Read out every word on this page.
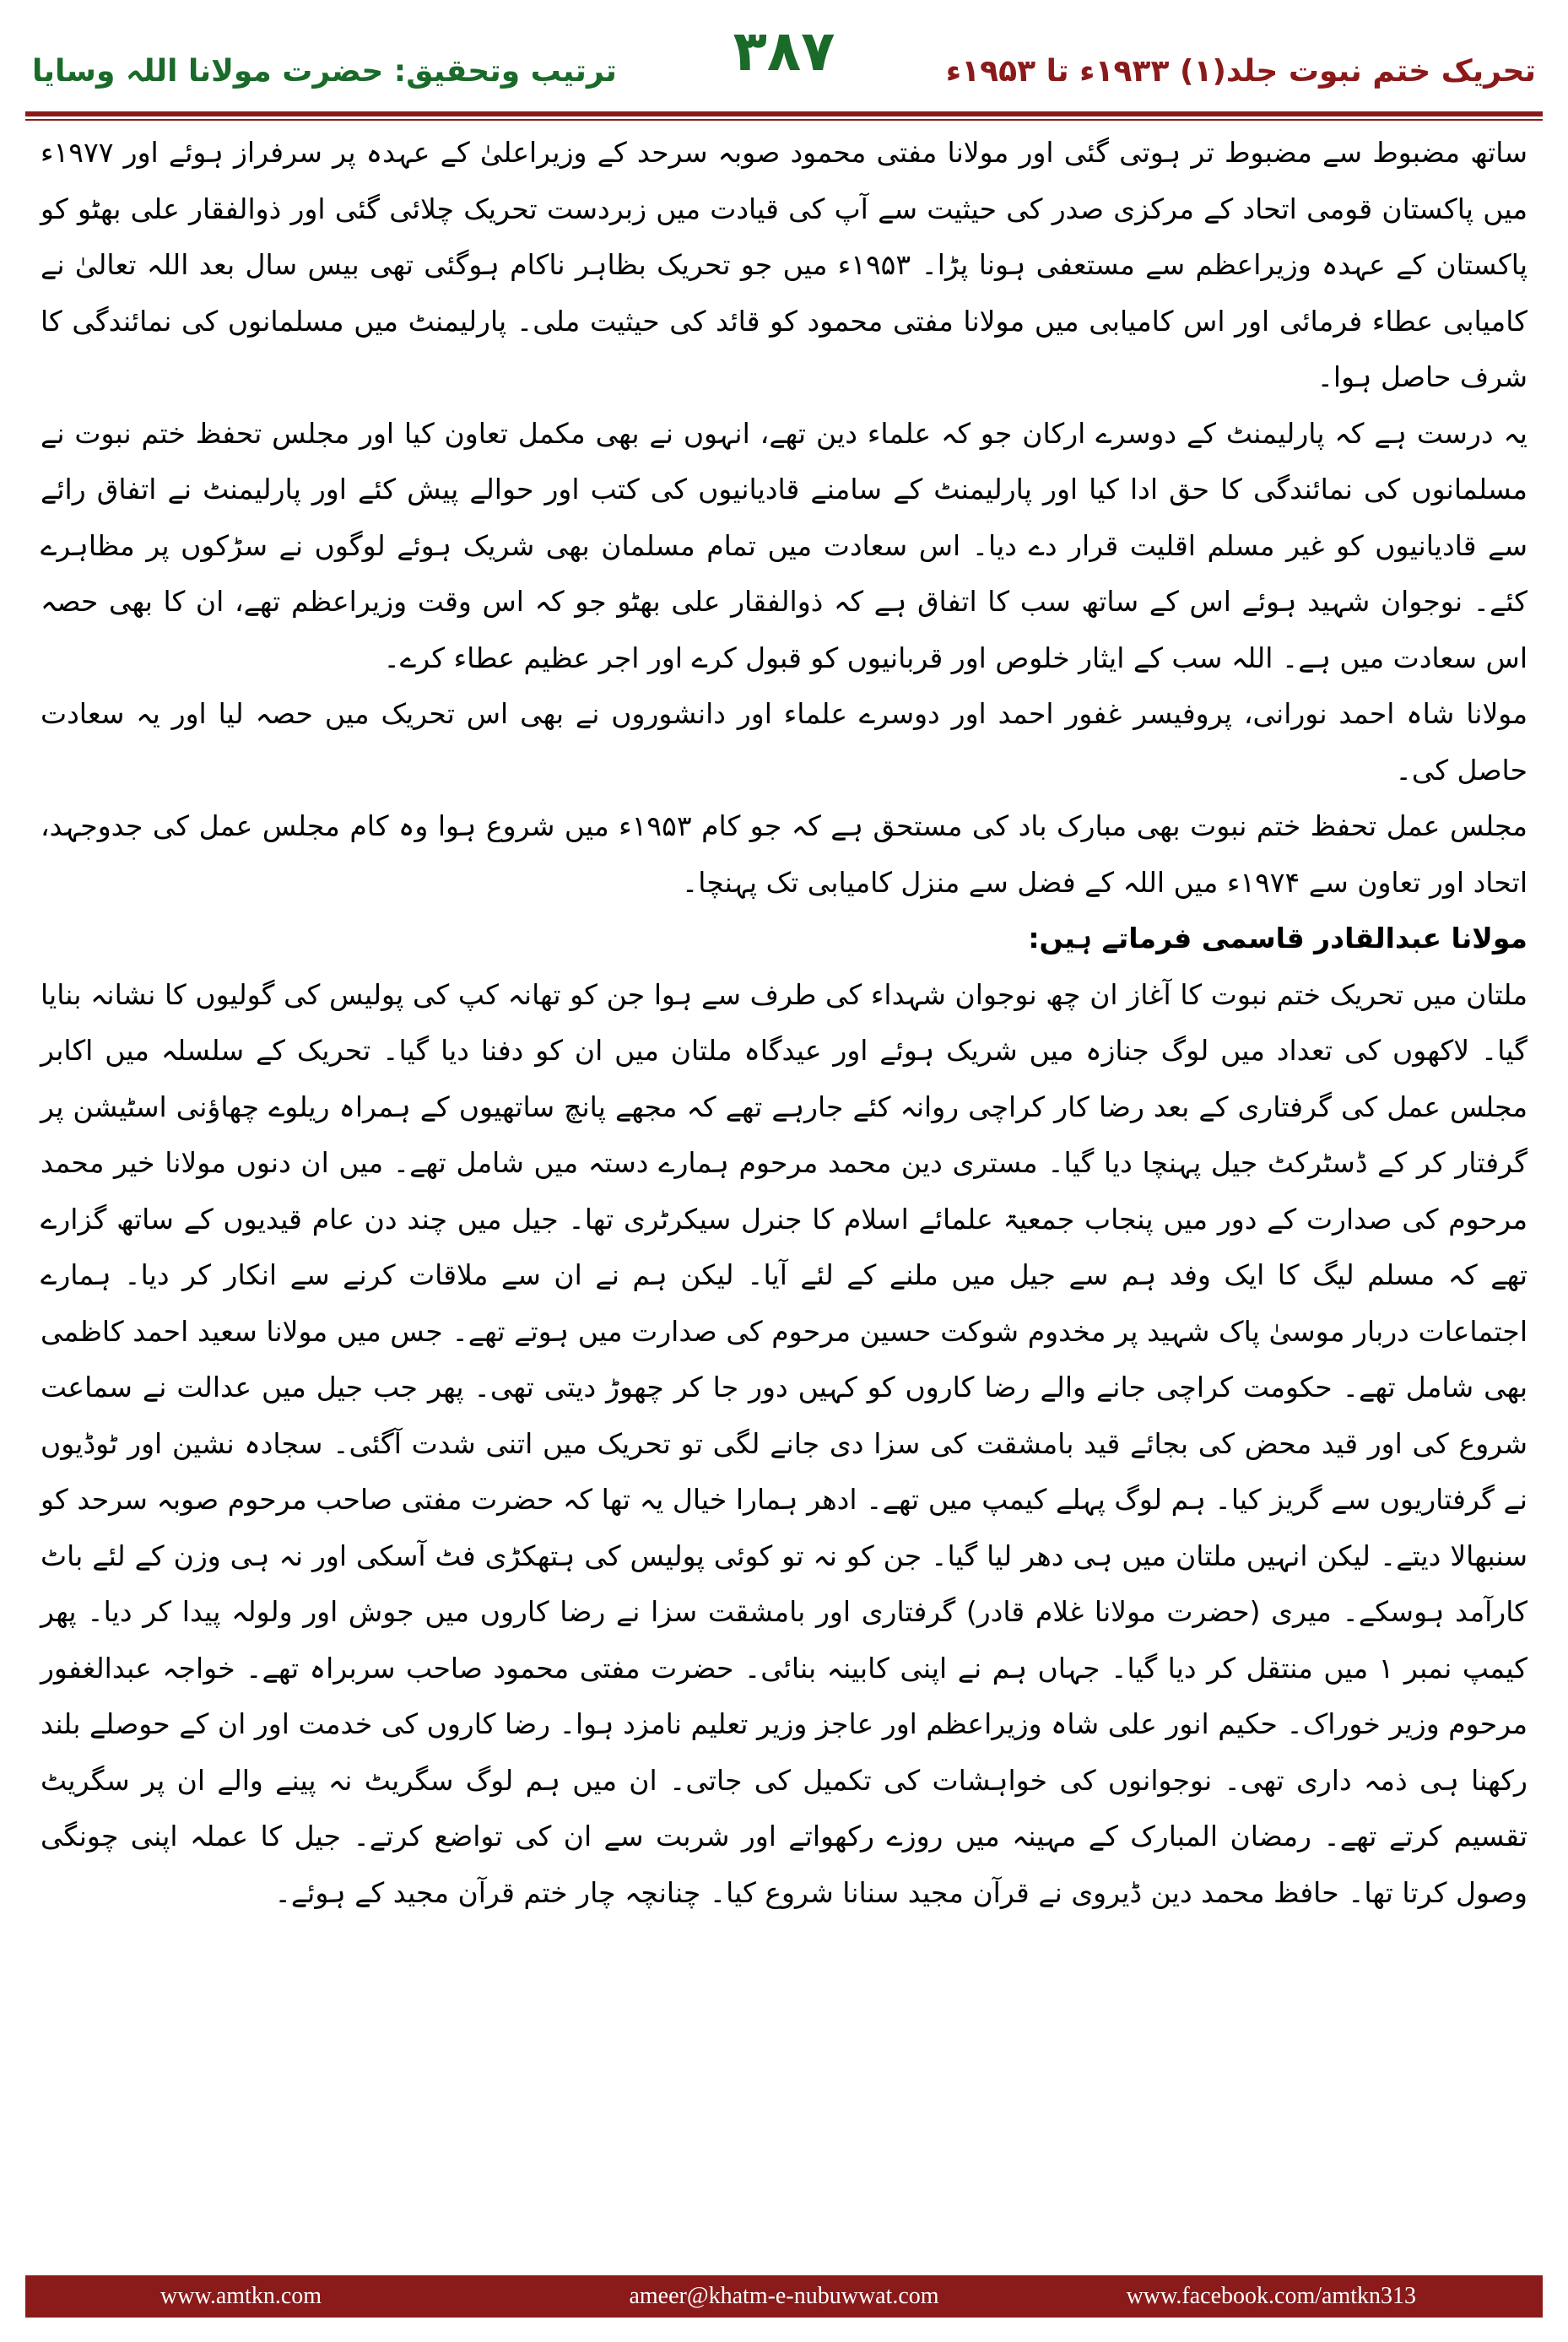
ترتیب وتحقیق: حضرت مولانا اللہ وسایا	۳۸۷	تحریک ختم نبوت جلد(۱) ۱۹۳۳ء تا ۱۹۵۳ء

ساتھ مضبوط سے مضبوط تر ہوتی گئی اور مولانا مفتی محمود صوبہ سرحد کے وزیراعلیٰ کے عہدہ پر سرفراز ہوئے اور ۱۹۷۷ء میں پاکستان قومی اتحاد کے مرکزی صدر کی حیثیت سے آپ کی قیادت میں زبردست تحریک چلائی گئی اور ذوالفقار علی بھٹو کو پاکستان کے عہدہ وزیراعظم سے مستعفی ہونا پڑا۔ ۱۹۵۳ء میں جو تحریک بظاہر ناکام ہوگئی تھی بیس سال بعد اللہ تعالیٰ نے کامیابی عطاء فرمائی اور اس کامیابی میں مولانا مفتی محمود کو قائد کی حیثیت ملی۔ پارلیمنٹ میں مسلمانوں کی نمائندگی کا شرف حاصل ہوا۔

یہ درست ہے کہ پارلیمنٹ کے دوسرے ارکان جو کہ علماء دین تھے، انہوں نے بھی مکمل تعاون کیا اور مجلس تحفظ ختم نبوت نے مسلمانوں کی نمائندگی کا حق ادا کیا اور پارلیمنٹ کے سامنے قادیانیوں کی کتب اور حوالے پیش کئے اور پارلیمنٹ نے اتفاق رائے سے قادیانیوں کو غیر مسلم اقلیت قرار دے دیا۔ اس سعادت میں تمام مسلمان بھی شریک ہوئے لوگوں نے سڑکوں پر مظاہرے کئے۔ نوجوان شہید ہوئے اس کے ساتھ سب کا اتفاق ہے کہ ذوالفقار علی بھٹو جو کہ اس وقت وزیراعظم تھے، ان کا بھی حصہ اس سعادت میں ہے۔ اللہ سب کے ایثار خلوص اور قربانیوں کو قبول کرے اور اجر عظیم عطاء کرے۔

مولانا شاہ احمد نورانی، پروفیسر غفور احمد اور دوسرے علماء اور دانشوروں نے بھی اس تحریک میں حصہ لیا اور یہ سعادت حاصل کی۔

مجلس عمل تحفظ ختم نبوت بھی مبارک باد کی مستحق ہے کہ جو کام ۱۹۵۳ء میں شروع ہوا وہ کام مجلس عمل کی جدوجہد، اتحاد اور تعاون سے ۱۹۷۴ء میں اللہ کے فضل سے منزل کامیابی تک پہنچا۔

مولانا عبدالقادر قاسمی فرماتے ہیں:

ملتان میں تحریک ختم نبوت کا آغاز ان چھ نوجوان شہداء کی طرف سے ہوا جن کو تھانہ کپ کی پولیس کی گولیوں کا نشانہ بنایا گیا۔ لاکھوں کی تعداد میں لوگ جنازہ میں شریک ہوئے اور عیدگاہ ملتان میں ان کو دفنا دیا گیا۔ تحریک کے سلسلہ میں اکابر مجلس عمل کی گرفتاری کے بعد رضا کار کراچی روانہ کئے جارہے تھے کہ مجھے پانچ ساتھیوں کے ہمراہ ریلوے چھاؤنی اسٹیشن پر گرفتار کر کے ڈسٹرکٹ جیل پہنچا دیا گیا۔ مستری دین محمد مرحوم ہمارے دستہ میں شامل تھے۔ میں ان دنوں مولانا خیر محمد مرحوم کی صدارت کے دور میں پنجاب جمعیۃ علمائے اسلام کا جنرل سیکرٹری تھا۔ جیل میں چند دن عام قیدیوں کے ساتھ گزارے تھے کہ مسلم لیگ کا ایک وفد ہم سے جیل میں ملنے کے لئے آیا۔ لیکن ہم نے ان سے ملاقات کرنے سے انکار کر دیا۔ ہمارے اجتماعات دربار موسیٰ پاک شہید پر مخدوم شوکت حسین مرحوم کی صدارت میں ہوتے تھے۔ جس میں مولانا سعید احمد کاظمی بھی شامل تھے۔ حکومت کراچی جانے والے رضا کاروں کو کہیں دور جا کر چھوڑ دیتی تھی۔ پھر جب جیل میں عدالت نے سماعت شروع کی اور قید محض کی بجائے قید بامشقت کی سزا دی جانے لگی تو تحریک میں اتنی شدت آگئی۔ سجادہ نشین اور ٹوڈیوں نے گرفتاریوں سے گریز کیا۔ ہم لوگ پہلے کیمپ میں تھے۔ ادھر ہمارا خیال یہ تھا کہ حضرت مفتی صاحب مرحوم صوبہ سرحد کو سنبھالا دیتے۔ لیکن انہیں ملتان میں ہی دھر لیا گیا۔ جن کو نہ تو کوئی پولیس کی ہتھکڑی فٹ آسکی اور نہ ہی وزن کے لئے باٹ کارآمد ہوسکے۔ میری (حضرت مولانا غلام قادر) گرفتاری اور بامشقت سزا نے رضا کاروں میں جوش اور ولولہ پیدا کر دیا۔ پھر کیمپ نمبر ۱ میں منتقل کر دیا گیا۔ جہاں ہم نے اپنی کابینہ بنائی۔ حضرت مفتی محمود صاحب سربراہ تھے۔ خواجہ عبدالغفور مرحوم وزیر خوراک۔ حکیم انور علی شاہ وزیراعظم اور عاجز وزیر تعلیم نامزد ہوا۔ رضا کاروں کی خدمت اور ان کے حوصلے بلند رکھنا ہی ذمہ داری تھی۔ نوجوانوں کی خواہشات کی تکمیل کی جاتی۔ ان میں ہم لوگ سگریٹ نہ پینے والے ان پر سگریٹ تقسیم کرتے تھے۔ رمضان المبارک کے مہینہ میں روزے رکھواتے اور شربت سے ان کی تواضع کرتے۔ جیل کا عملہ اپنی چونگی وصول کرتا تھا۔ حافظ محمد دین ڈیروی نے قرآن مجید سنانا شروع کیا۔ چنانچہ چار ختم قرآن مجید کے ہوئے۔

www.amtkn.com	ameer@khatm-e-nubuwwat.com	www.facebook.com/amtkn313
